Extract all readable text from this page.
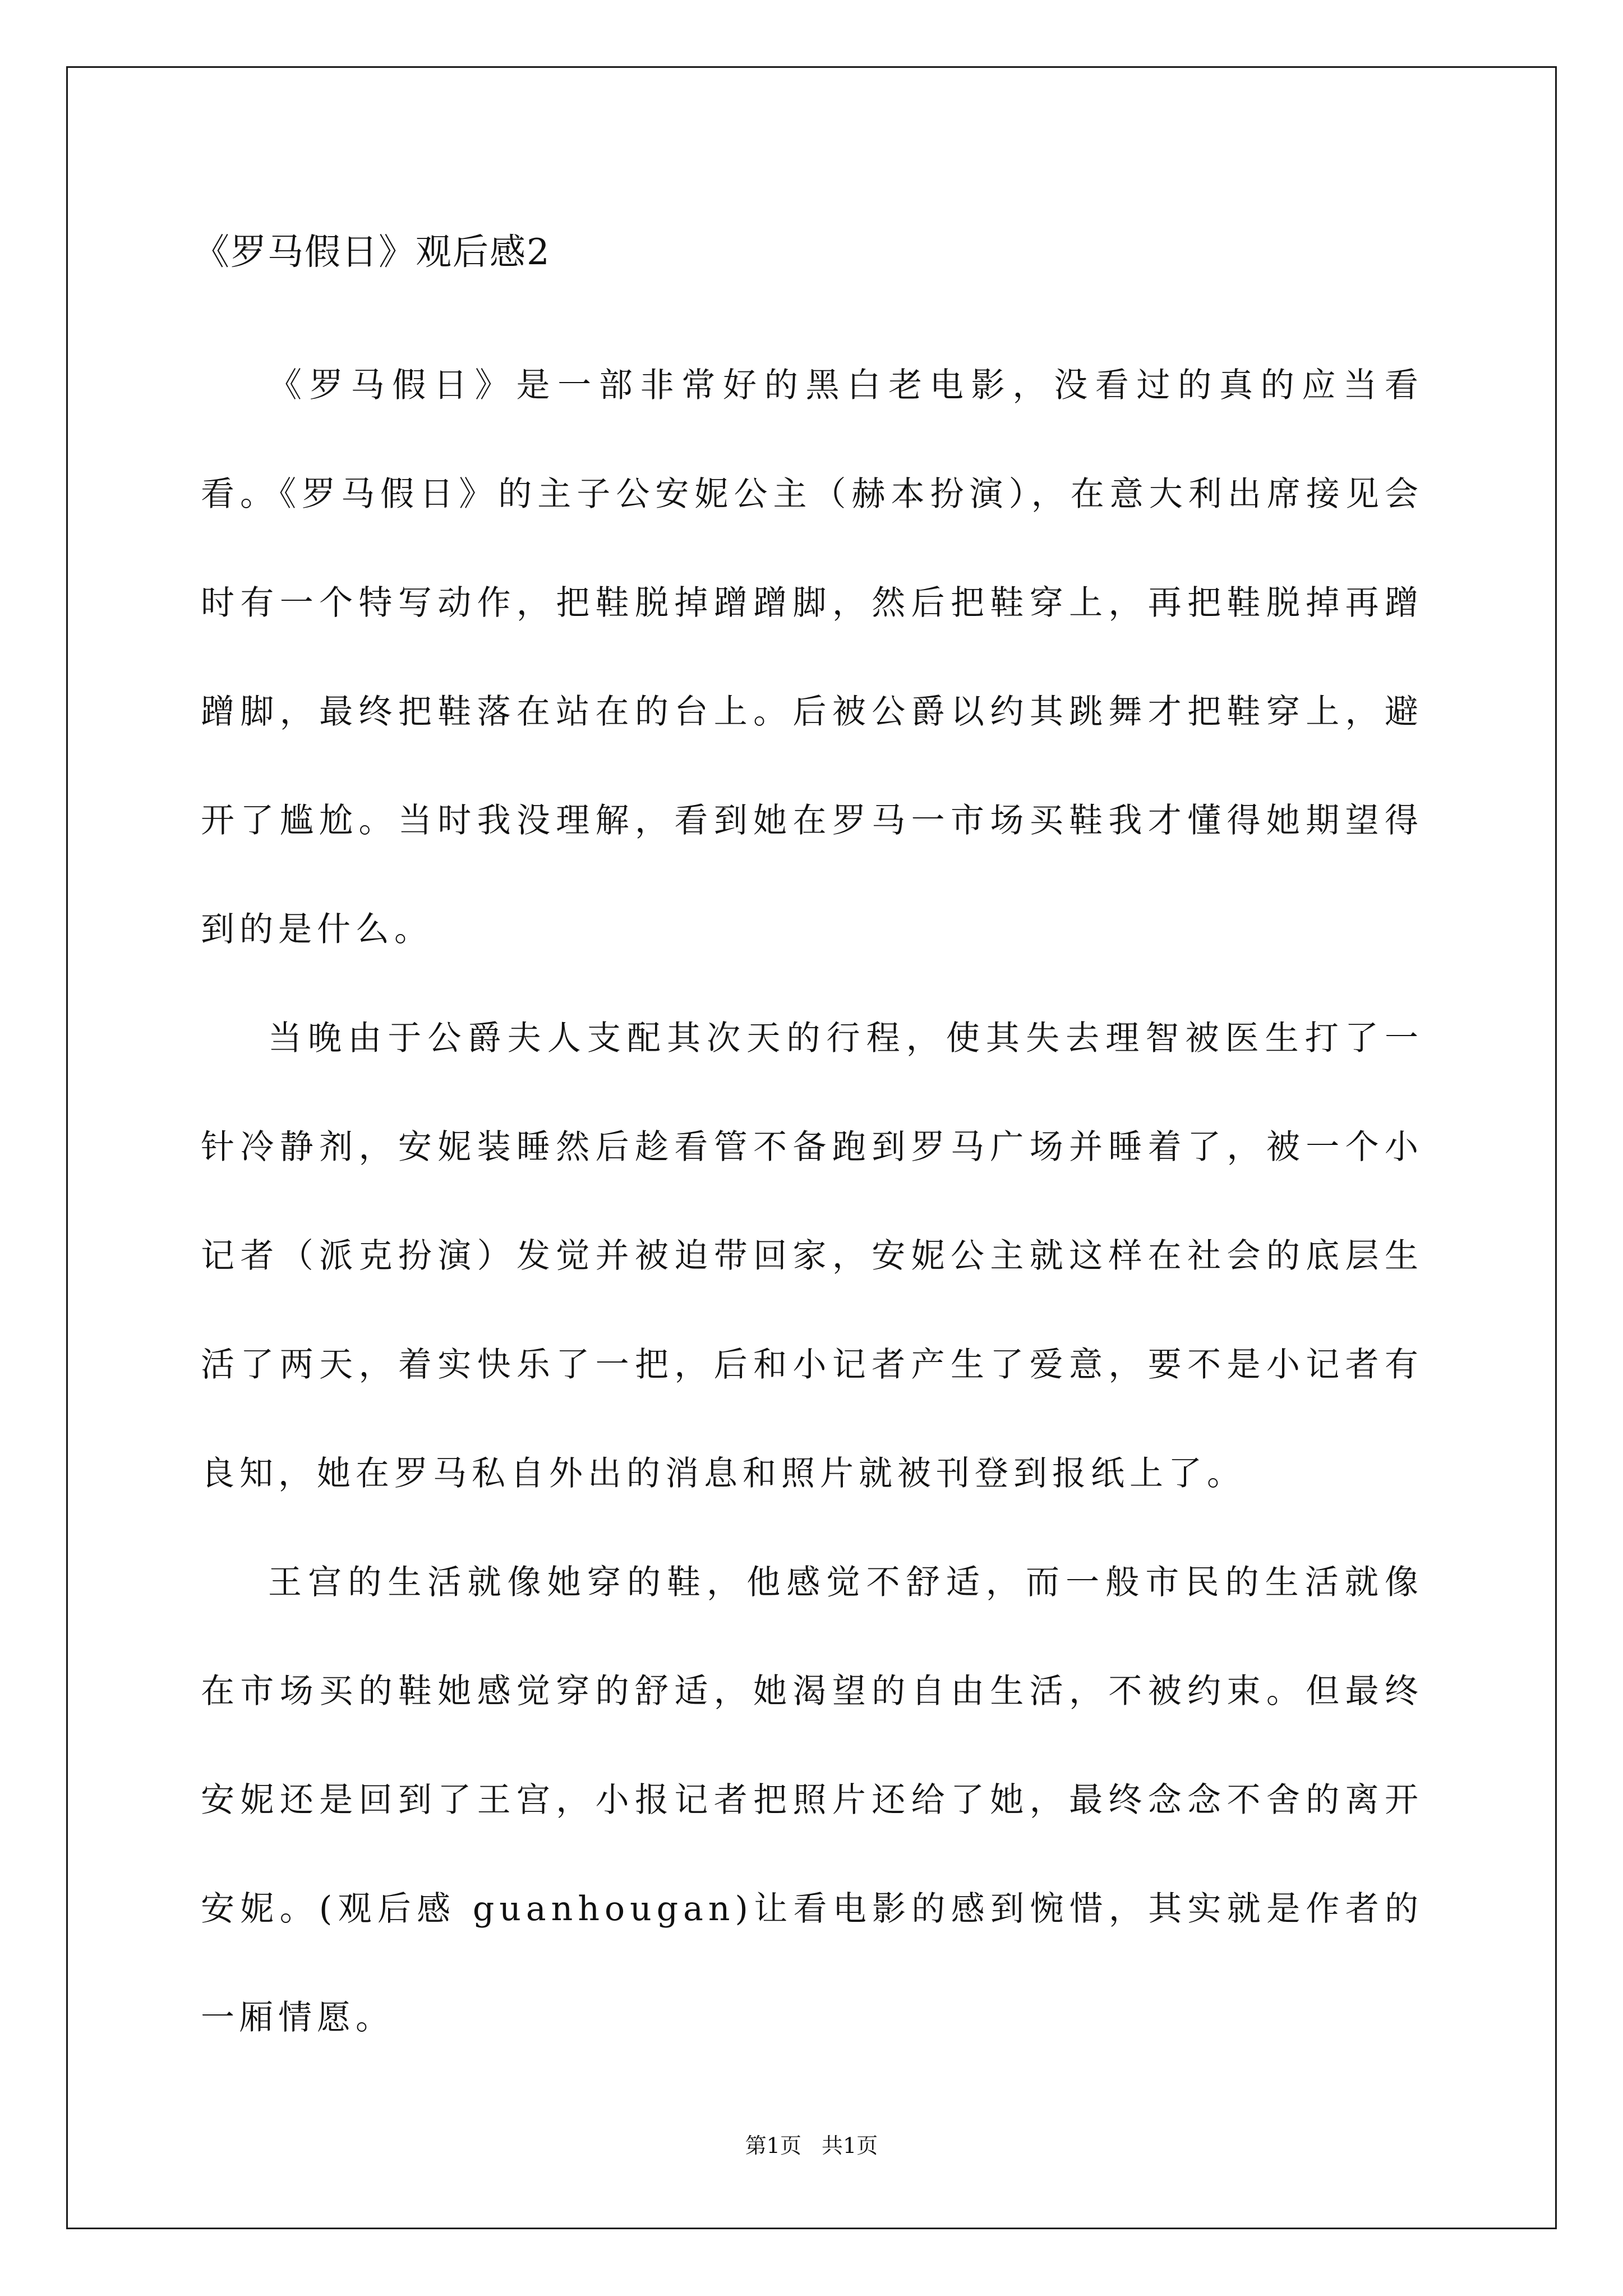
《罗马假日》观后感2

《罗马假日》是一部非常好的黑白老电影，没看过的真的应当看看。《罗马假日》的主子公安妮公主（赫本扮演），在意大利出席接见会时有一个特写动作，把鞋脱掉蹭蹭脚，然后把鞋穿上，再把鞋脱掉再蹭蹭脚，最终把鞋落在站在的台上。后被公爵以约其跳舞才把鞋穿上，避开了尴尬。当时我没理解，看到她在罗马一市场买鞋我才懂得她期望得到的是什么。

当晚由于公爵夫人支配其次天的行程，使其失去理智被医生打了一针冷静剂，安妮装睡然后趁看管不备跑到罗马广场并睡着了，被一个小记者（派克扮演）发觉并被迫带回家，安妮公主就这样在社会的底层生活了两天，着实快乐了一把，后和小记者产生了爱意，要不是小记者有良知，她在罗马私自外出的消息和照片就被刊登到报纸上了。

王宫的生活就像她穿的鞋，他感觉不舒适，而一般市民的生活就像在市场买的鞋她感觉穿的舒适，她渴望的自由生活，不被约束。但最终安妮还是回到了王宫，小报记者把照片还给了她，最终念念不舍的离开安妮。(观后感 guanhougan)让看电影的感到惋惜，其实就是作者的一厢情愿。

第1页 共1页
